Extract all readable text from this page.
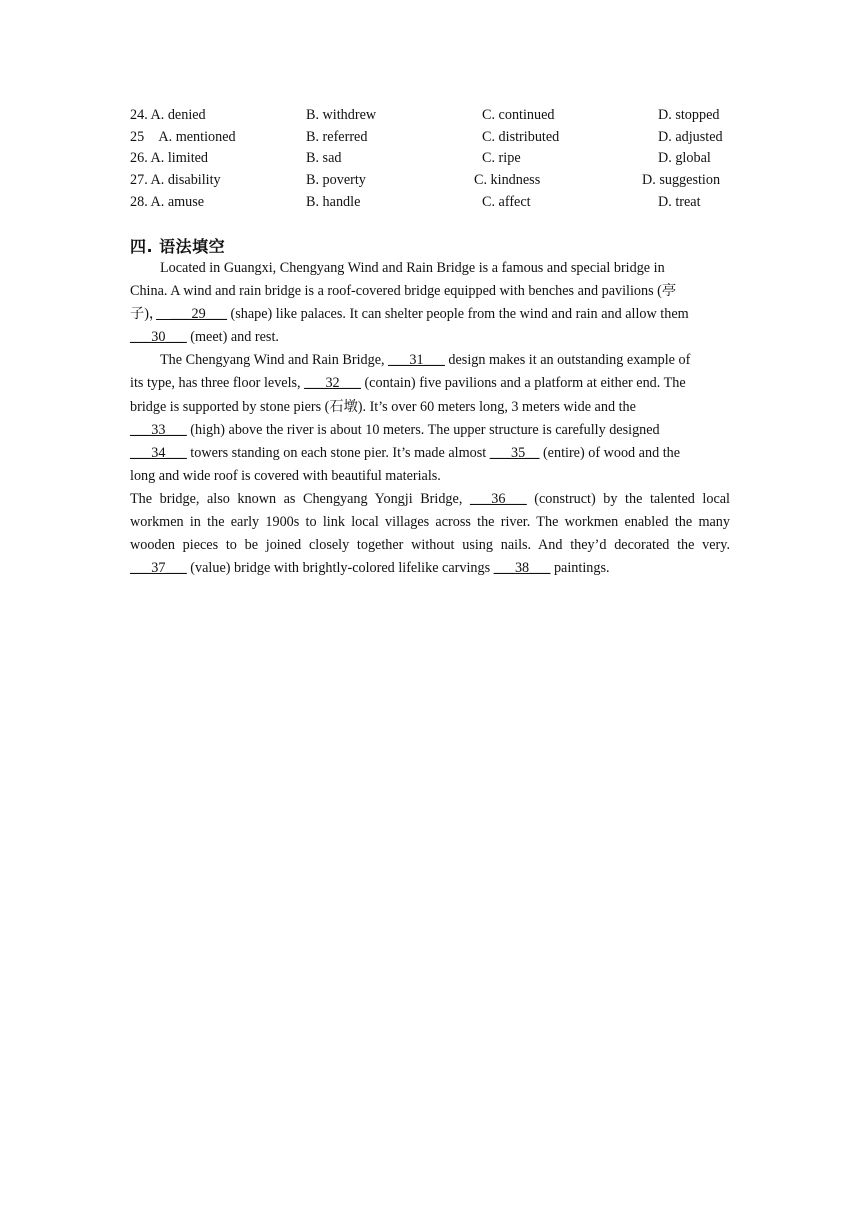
24. A. denied	B. withdrew	C. continued	D. stopped
25　A. mentioned	B. referred	C. distributed	D. adjusted
26. A. limited	B. sad	C. ripe	D. global
27. A. disability	B. poverty	C. kindness	D. suggestion
28. A. amuse	B. handle	C. affect	D. treat
四. 语法填空
Located in Guangxi, Chengyang Wind and Rain Bridge is a famous and special bridge in
China. A wind and rain bridge is a roof-covered bridge equipped with benches and pavilions (亭
子)，　___29___ (shape) like palaces. It can shelter people from the wind and rain and allow them
___30___ (meet) and rest.
The Chengyang Wind and Rain Bridge, ___31___ design makes it an outstanding example of
its type, has three floor levels, ___32___ (contain) five pavilions and a platform at either end. The
bridge is supported by stone piers (石墩). It’s over 60 meters long, 3 meters wide and the
___33___ (high) above the river is about 10 meters. The upper structure is carefully designed
___34___ towers standing on each stone pier. It’s made almost ___35__ (entire) of wood and the
long and wide roof is covered with beautiful materials.
The bridge, also known as Chengyang Yongji Bridge, ___36___ (construct) by the talented local
workmen in the early 1900s to link local villages across the river. The workmen enabled the many
wooden pieces to be joined closely together without using nails. And they’d decorated the very.
___37___ (value) bridge with brightly-colored lifelike carvings ___38___ paintings.
